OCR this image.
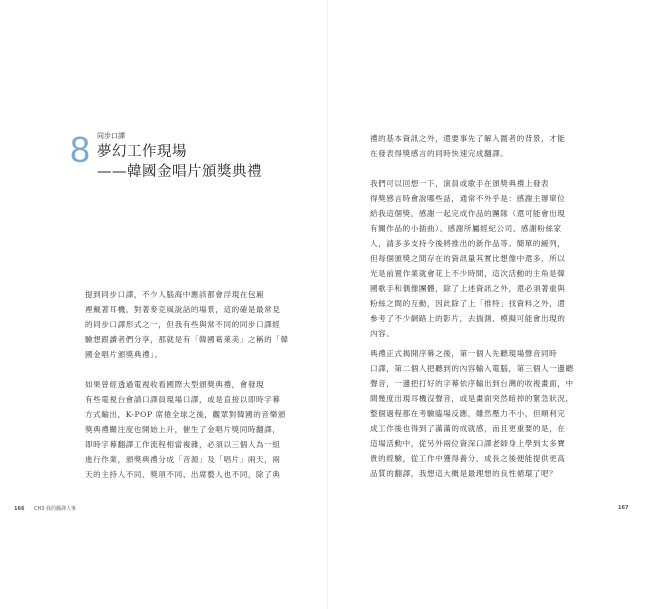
8 同步口譯
夢幻工作現場
——韓國金唱片頒獎典禮

提到同步口譯，不少人腦海中應該都會浮現在包廂
裡戴著耳機，對著麥克風說話的場景，這的確是最常見
的同步口譯形式之一，但我有些與常不同的同步口譯經
驗想跟讀者們分享，那就是有「韓國葛萊美」之稱的「韓
國金唱片頒獎典禮」。

如果曾經透過電視收看國際大型頒獎典禮，會發現
有些電視台會請口譯員現場口譯，或是直接以即時字幕
方式輸出，K-POP 席捲全球之後，觀眾對韓國的音樂頒
獎典禮關注度也開始上升，催生了金唱片獎同時翻譯，
即時字幕翻譯工作流程相當複雜，必須以三個人為一組
進行作業，頒獎典禮分成「音源」及「唱片」兩天，兩
天的主持人不同、獎項不同、出席藝人也不同，除了典

禮的基本資訊之外，還要事先了解入圍者的背景，才能
在發表得獎感言的同時快速完成翻譯。

我們可以回想一下，演員或歌手在頒獎典禮上發表
得獎感言時會說哪些話，通常不外乎是：感謝主辦單位
給我這個獎，感謝一起完成作品的團隊（還可能會出現
有關作品的小插曲）、感謝所屬經紀公司、感謝粉絲家
人，請多多支持今後將推出的新作品等。簡單的緩列，
但每個頒獎之間存在的資訊量其實比想像中還多，所以
光是前置作業就會花上不少時間，這次活動的主角是韓
國歌手和偶像團體，除了上述資訊之外，還必須著重與
粉絲之間的互動，因此除了上「推特」找資料之外，還
參考了不少網路上的影片，去揣測、模擬可能會出現的
內容。

典禮正式揭開序幕之後，第一個人先聽現場聲音同時
口譯，第二個人把聽到的內容輸入電腦，第三個人一邊聽
聲音，一邊把打好的字幕依序輸出到台灣的收視畫面，中
間幾度出現耳機沒聲音，或是畫面突然暗掉的緊急狀況，
整個過程都在考驗臨場反應，雖然壓力不小，但順利完
成工作後也得到了滿滿的成就感，而且更重要的是，在
這場活動中，從另外兩位資深口譯老師身上學到太多寶
貴的經驗，從工作中獲得養分，成長之後便能提供更高
品質的翻譯，我想這大概是最理想的良性循環了吧？

166 CH3 我的翻譯人事	167
